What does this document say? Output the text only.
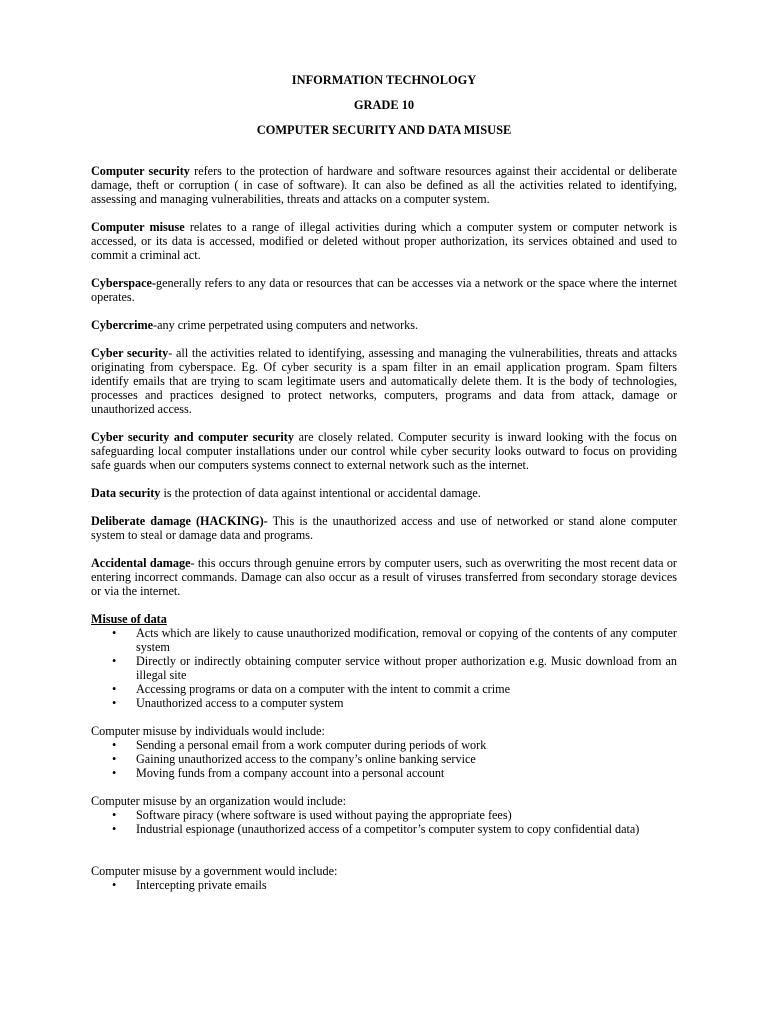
INFORMATION TECHNOLOGY

GRADE 10

COMPUTER SECURITY AND DATA MISUSE

Computer security refers to the protection of hardware and software resources against their accidental or deliberate damage, theft or corruption ( in case of software). It can also be defined as all the activities related to identifying, assessing and managing vulnerabilities, threats and attacks on a computer system.

Computer misuse relates to a range of illegal activities during which a computer system or computer network is accessed, or its data is accessed, modified or deleted without proper authorization, its services obtained and used to commit a criminal act.

Cyberspace-generally refers to any data or resources that can be accesses via a network or the space where the internet operates.

Cybercrime-any crime perpetrated using computers and networks.

Cyber security- all the activities related to identifying, assessing and managing the vulnerabilities, threats and attacks originating from cyberspace. Eg. Of cyber security is a spam filter in an email application program. Spam filters identify emails that are trying to scam legitimate users and automatically delete them. It is the body of technologies, processes and practices designed to protect networks, computers, programs and data from attack, damage or unauthorized access.

Cyber security and computer security are closely related. Computer security is inward looking with the focus on safeguarding local computer installations under our control while cyber security looks outward to focus on providing safe guards when our computers systems connect to external network such as the internet.

Data security is the protection of data against intentional or accidental damage.

Deliberate damage (HACKING)- This is the unauthorized access and use of networked or stand alone computer system to steal or damage data and programs.

Accidental damage- this occurs through genuine errors by computer users, such as overwriting the most recent data or entering incorrect commands. Damage can also occur as a result of viruses transferred from secondary storage devices or via the internet.

Misuse of data

• Acts which are likely to cause unauthorized modification, removal or copying of the contents of any computer system
• Directly or indirectly obtaining computer service without proper authorization e.g. Music download from an illegal site
• Accessing programs or data on a computer with the intent to commit a crime
• Unauthorized access to a computer system

Computer misuse by individuals would include:

• Sending a personal email from a work computer during periods of work
• Gaining unauthorized access to the company’s online banking service
• Moving funds from a company account into a personal account

Computer misuse by an organization would include:

• Software piracy (where software is used without paying the appropriate fees)
• Industrial espionage (unauthorized access of a competitor’s computer system to copy confidential data)

Computer misuse by a government would include:

• Intercepting private emails
